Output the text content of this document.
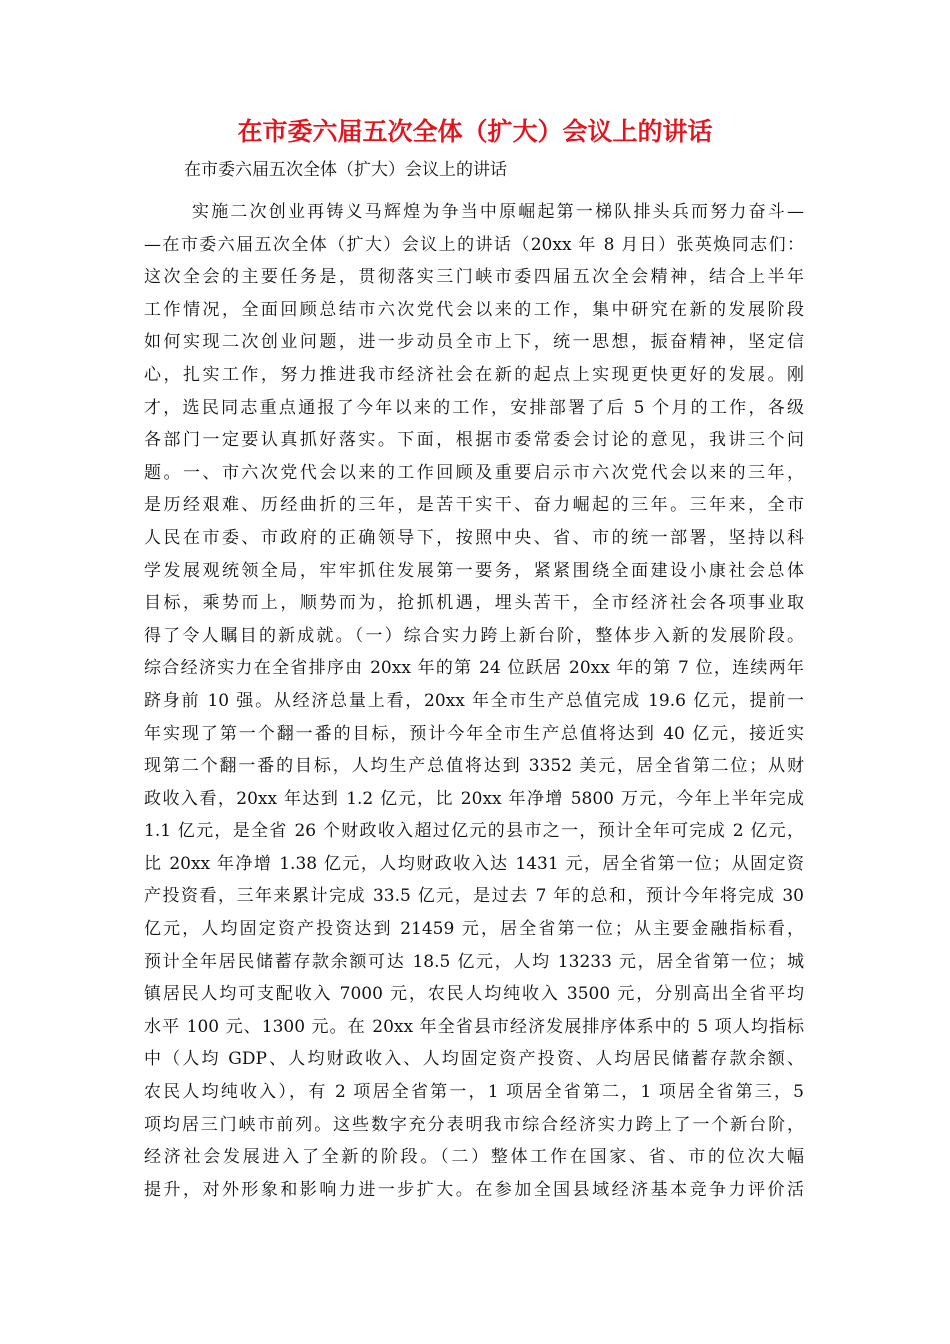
在市委六届五次全体（扩大）会议上的讲话
在市委六届五次全体（扩大）会议上的讲话
实施二次创业再铸义马辉煌为争当中原崛起第一梯队排头兵而努力奋斗—
—在市委六届五次全体（扩大）会议上的讲话（20xx 年 8 月日）张英焕同志们：
这次全会的主要任务是，贯彻落实三门峡市委四届五次全会精神，结合上半年
工作情况，全面回顾总结市六次党代会以来的工作，集中研究在新的发展阶段
如何实现二次创业问题，进一步动员全市上下，统一思想，振奋精神，坚定信
心，扎实工作，努力推进我市经济社会在新的起点上实现更快更好的发展。刚
才，选民同志重点通报了今年以来的工作，安排部署了后 5 个月的工作，各级
各部门一定要认真抓好落实。下面，根据市委常委会讨论的意见，我讲三个问
题。一、市六次党代会以来的工作回顾及重要启示市六次党代会以来的三年，
是历经艰难、历经曲折的三年，是苦干实干、奋力崛起的三年。三年来，全市
人民在市委、市政府的正确领导下，按照中央、省、市的统一部署，坚持以科
学发展观统领全局，牢牢抓住发展第一要务，紧紧围绕全面建设小康社会总体
目标，乘势而上，顺势而为，抢抓机遇，埋头苦干，全市经济社会各项事业取
得了令人瞩目的新成就。（一）综合实力跨上新台阶，整体步入新的发展阶段。
综合经济实力在全省排序由 20xx 年的第 24 位跃居 20xx 年的第 7 位，连续两年
跻身前 10 强。从经济总量上看，20xx 年全市生产总值完成 19.6 亿元，提前一
年实现了第一个翻一番的目标，预计今年全市生产总值将达到 40 亿元，接近实
现第二个翻一番的目标，人均生产总值将达到 3352 美元，居全省第二位；从财
政收入看，20xx 年达到 1.2 亿元，比 20xx 年净增 5800 万元，今年上半年完成
1.1 亿元，是全省 26 个财政收入超过亿元的县市之一，预计全年可完成 2 亿元，
比 20xx 年净增 1.38 亿元，人均财政收入达 1431 元，居全省第一位；从固定资
产投资看，三年来累计完成 33.5 亿元，是过去 7 年的总和，预计今年将完成 30
亿元，人均固定资产投资达到 21459 元，居全省第一位；从主要金融指标看，
预计全年居民储蓄存款余额可达 18.5 亿元，人均 13233 元，居全省第一位；城
镇居民人均可支配收入 7000 元，农民人均纯收入 3500 元，分别高出全省平均
水平 100 元、1300 元。在 20xx 年全省县市经济发展排序体系中的 5 项人均指标
中（人均 GDP、人均财政收入、人均固定资产投资、人均居民储蓄存款余额、
农民人均纯收入），有 2 项居全省第一，1 项居全省第二，1 项居全省第三，5
项均居三门峡市前列。这些数字充分表明我市综合经济实力跨上了一个新台阶，
经济社会发展进入了全新的阶段。（二）整体工作在国家、省、市的位次大幅
提升，对外形象和影响力进一步扩大。在参加全国县域经济基本竞争力评价活
